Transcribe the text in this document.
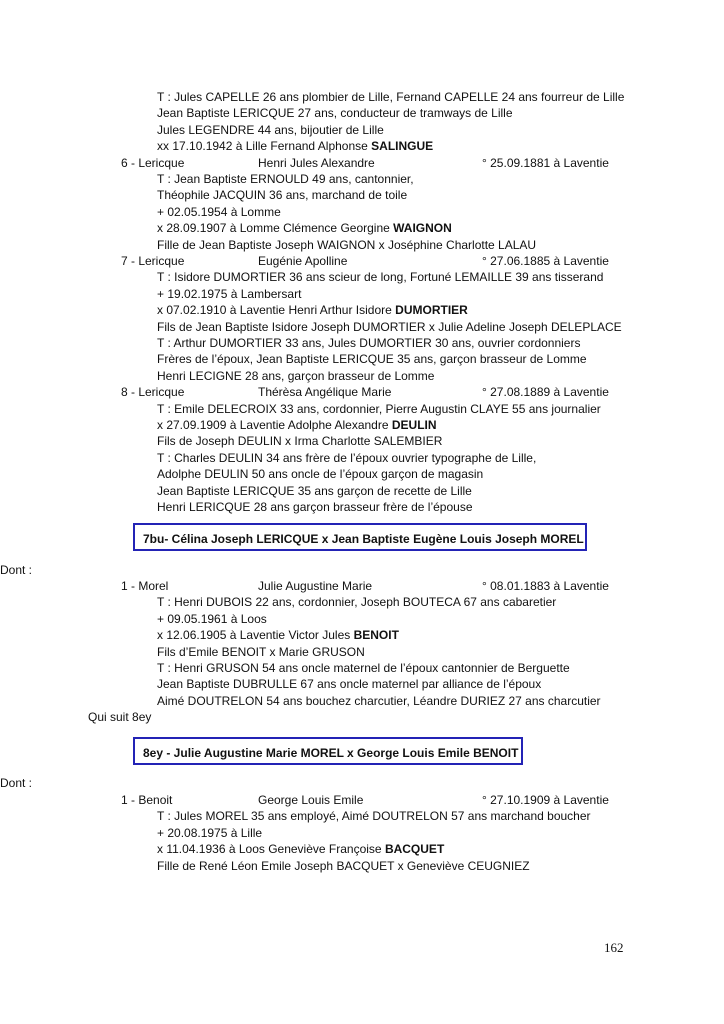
T : Jules CAPELLE 26 ans plombier de Lille, Fernand CAPELLE 24 ans fourreur de Lille
Jean Baptiste LERICQUE 27 ans, conducteur de tramways de Lille
Jules LEGENDRE 44 ans, bijoutier de Lille
xx 17.10.1942 à Lille Fernand Alphonse SALINGUE
6 - Lericque	Henri Jules Alexandre	° 25.09.1881 à Laventie
T : Jean Baptiste ERNOULD 49 ans, cantonnier,
Théophile JACQUIN 36 ans, marchand de toile
+ 02.05.1954 à Lomme
x 28.09.1907 à Lomme Clémence Georgine WAIGNON
Fille de Jean Baptiste Joseph WAIGNON x Joséphine Charlotte LALAU
7 - Lericque	Eugénie Apolline	° 27.06.1885 à Laventie
T : Isidore DUMORTIER 36 ans scieur de long, Fortuné LEMAILLE 39 ans tisserand
+ 19.02.1975 à Lambersart
x 07.02.1910 à Laventie Henri Arthur Isidore DUMORTIER
Fils de Jean Baptiste Isidore Joseph DUMORTIER x Julie Adeline Joseph DELEPLACE
T : Arthur DUMORTIER 33 ans, Jules DUMORTIER 30 ans, ouvrier cordonniers
Frères de l’époux, Jean Baptiste LERICQUE 35 ans, garçon brasseur de Lomme
Henri LECIGNE 28 ans, garçon brasseur de Lomme
8 - Lericque	Thérèsa Angélique Marie	° 27.08.1889 à Laventie
T : Emile DELECROIX 33 ans, cordonnier, Pierre Augustin CLAYE 55 ans journalier
x 27.09.1909 à Laventie Adolphe Alexandre DEULIN
Fils de Joseph DEULIN x Irma Charlotte SALEMBIER
T : Charles DEULIN 34 ans frère de l’époux ouvrier typographe de Lille,
Adolphe DEULIN 50 ans oncle de l’époux garçon de magasin
Jean Baptiste LERICQUE 35 ans garçon de recette de Lille
Henri LERICQUE 28 ans garçon brasseur frère de l’épouse
7bu- Célina Joseph LERICQUE x Jean Baptiste Eugène Louis Joseph MOREL
Dont :
1 - Morel	Julie Augustine Marie	° 08.01.1883 à Laventie
T : Henri DUBOIS 22 ans, cordonnier, Joseph BOUTECA 67 ans cabaretier
+ 09.05.1961 à Loos
x 12.06.1905 à Laventie Victor Jules BENOIT
Fils d’Emile BENOIT x Marie GRUSON
T : Henri GRUSON 54 ans oncle maternel de l’époux cantonnier de Berguette
Jean Baptiste DUBRULLE 67 ans oncle maternel par alliance de l’époux
Aimé DOUTRELON 54 ans bouchez charcutier, Léandre DURIEZ 27 ans charcutier
Qui suit 8ey
8ey - Julie Augustine Marie MOREL x George Louis Emile BENOIT
Dont :
1 - Benoit	George Louis Emile	° 27.10.1909 à Laventie
T : Jules MOREL 35 ans employé, Aimé DOUTRELON 57 ans marchand boucher
+ 20.08.1975 à Lille
x 11.04.1936 à Loos Geneviève Françoise BACQUET
Fille de René Léon Emile Joseph BACQUET x Geneviève CEUGNIEZ
162
